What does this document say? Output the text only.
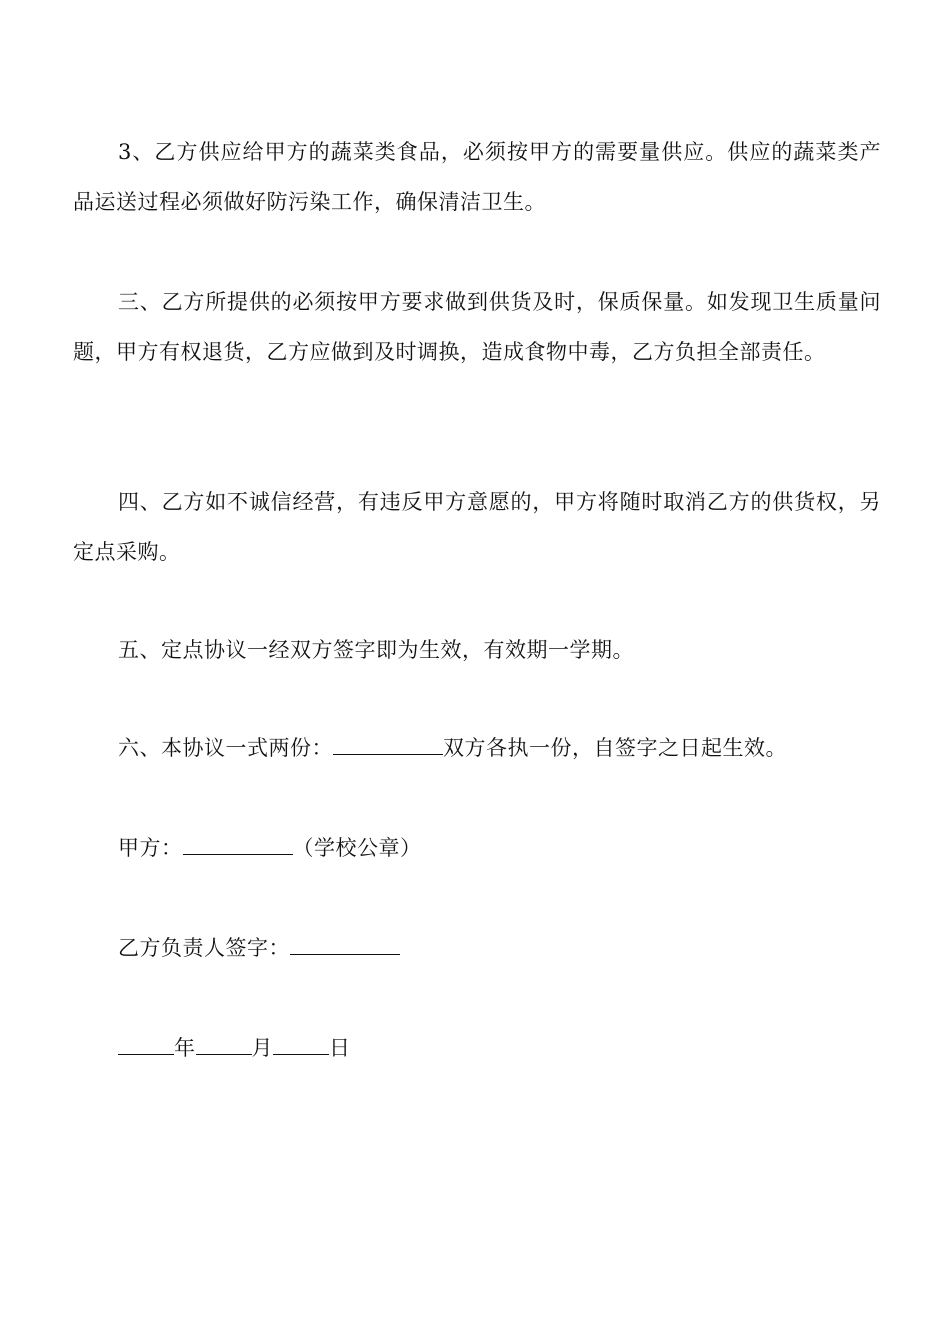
3、乙方供应给甲方的蔬菜类食品，必须按甲方的需要量供应。供应的蔬菜类产品运送过程必须做好防污染工作，确保清洁卫生。

三、乙方所提供的必须按甲方要求做到供货及时，保质保量。如发现卫生质量问题，甲方有权退货，乙方应做到及时调换，造成食物中毒，乙方负担全部责任。

四、乙方如不诚信经营，有违反甲方意愿的，甲方将随时取消乙方的供货权，另定点采购。

五、定点协议一经双方签字即为生效，有效期一学期。

六、本协议一式两份：	双方各执一份，自签字之日起生效。

甲方：	（学校公章）

乙方负责人签字：

年	月	日
